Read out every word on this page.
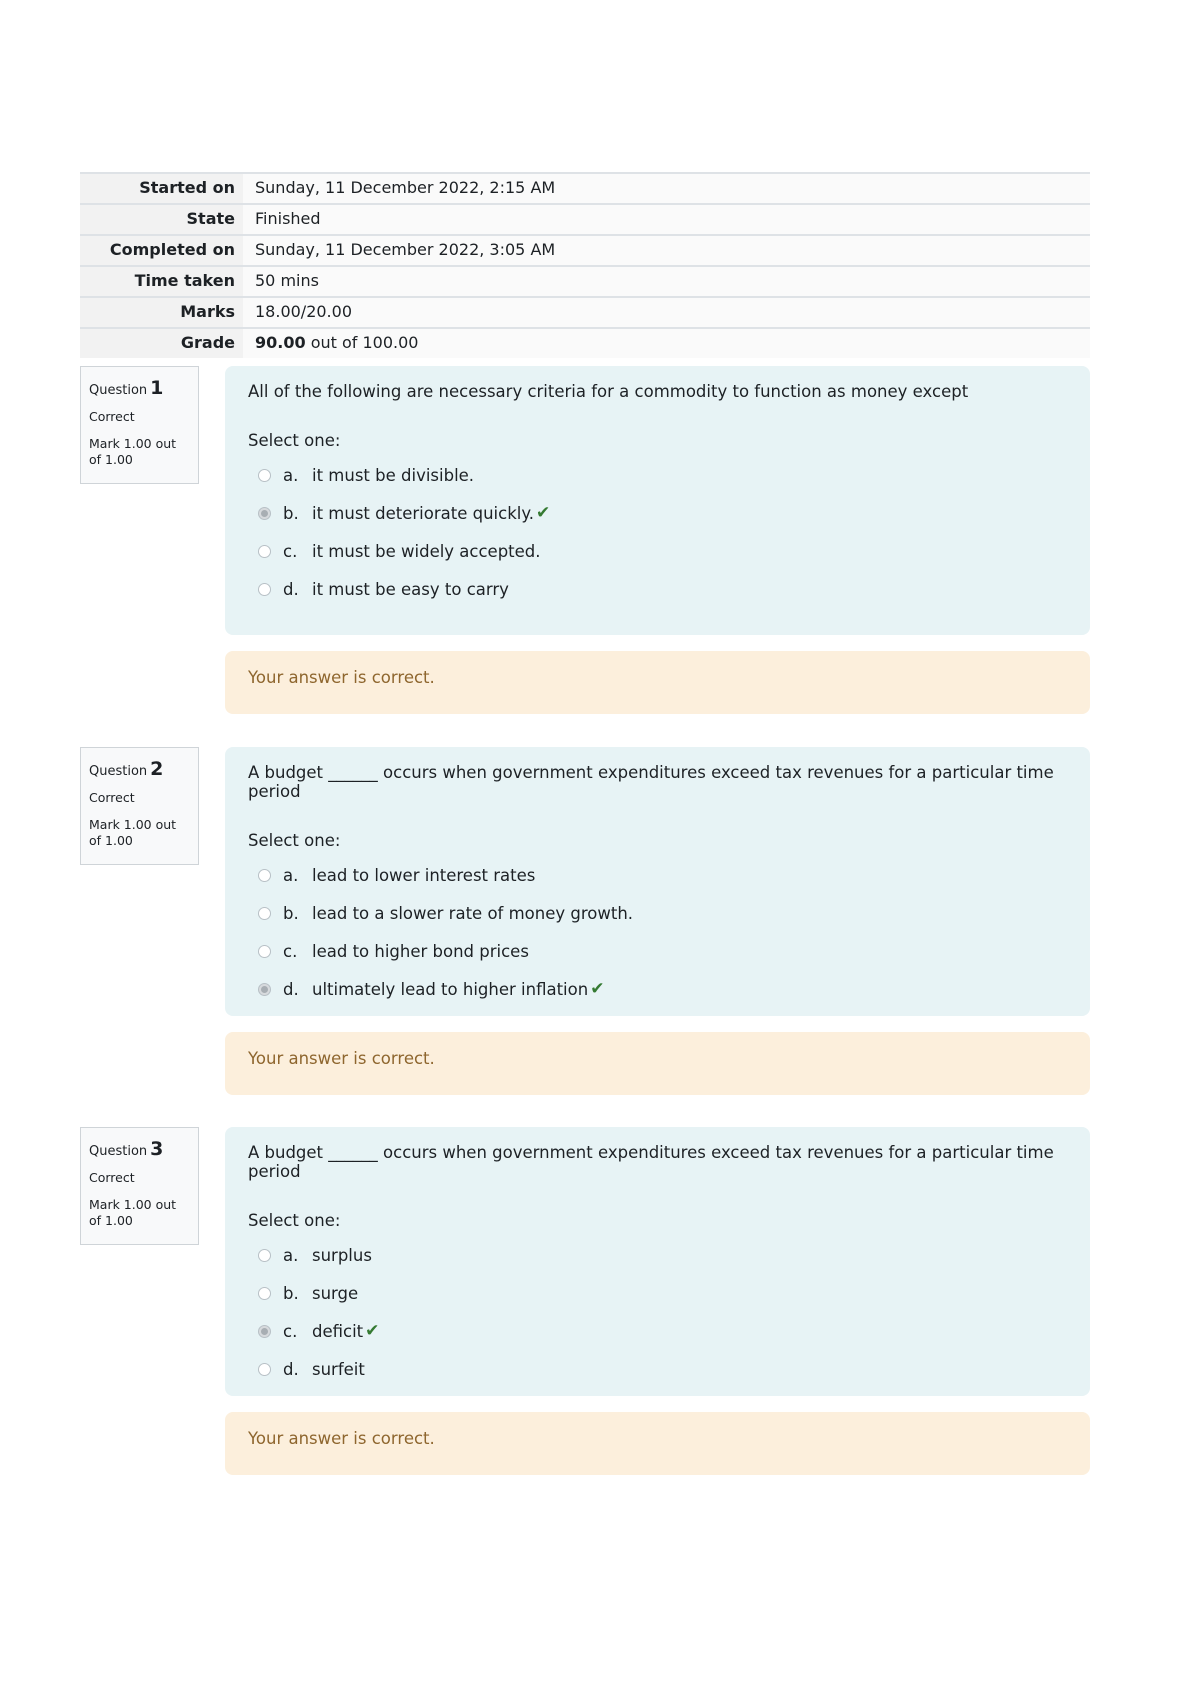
Started on	Sunday, 11 December 2022, 2:15 AM
State	Finished
Completed on	Sunday, 11 December 2022, 3:05 AM
Time taken	50 mins
Marks	18.00/20.00
Grade	90.00 out of 100.00
Question 1
Correct
Mark 1.00 out of 1.00
All of the following are necessary criteria for a commodity to function as money except
Select one:
a. it must be divisible.
b. it must deteriorate quickly. ✔
c. it must be widely accepted.
d. it must be easy to carry
Your answer is correct.
Question 2
Correct
Mark 1.00 out of 1.00
A budget ______ occurs when government expenditures exceed tax revenues for a particular time period
Select one:
a. lead to lower interest rates
b. lead to a slower rate of money growth.
c. lead to higher bond prices
d. ultimately lead to higher inflation ✔
Your answer is correct.
Question 3
Correct
Mark 1.00 out of 1.00
A budget ______ occurs when government expenditures exceed tax revenues for a particular time period
Select one:
a. surplus
b. surge
c. deficit ✔
d. surfeit
Your answer is correct.
